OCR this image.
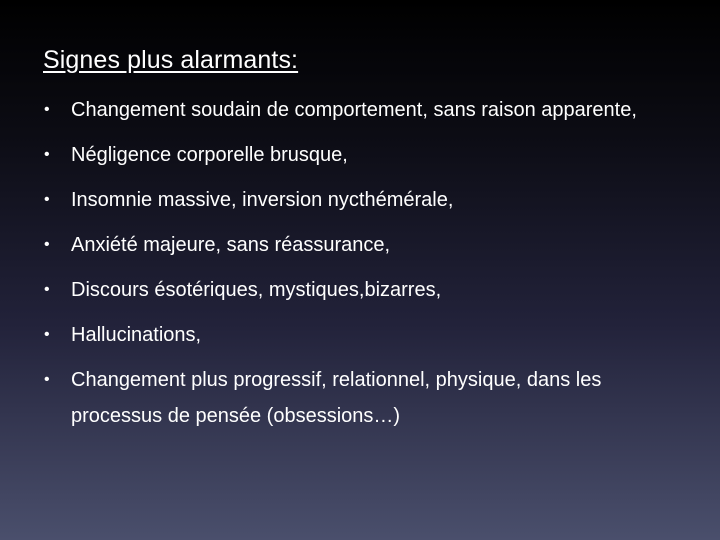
Signes plus alarmants:
• Changement soudain de comportement, sans raison apparente,
• Négligence corporelle brusque,
• Insomnie massive, inversion nycthémérale,
• Anxiété majeure, sans réassurance,
• Discours ésotériques, mystiques,bizarres,
• Hallucinations,
• Changement plus progressif, relationnel, physique, dans les processus de pensée (obsessions…)
